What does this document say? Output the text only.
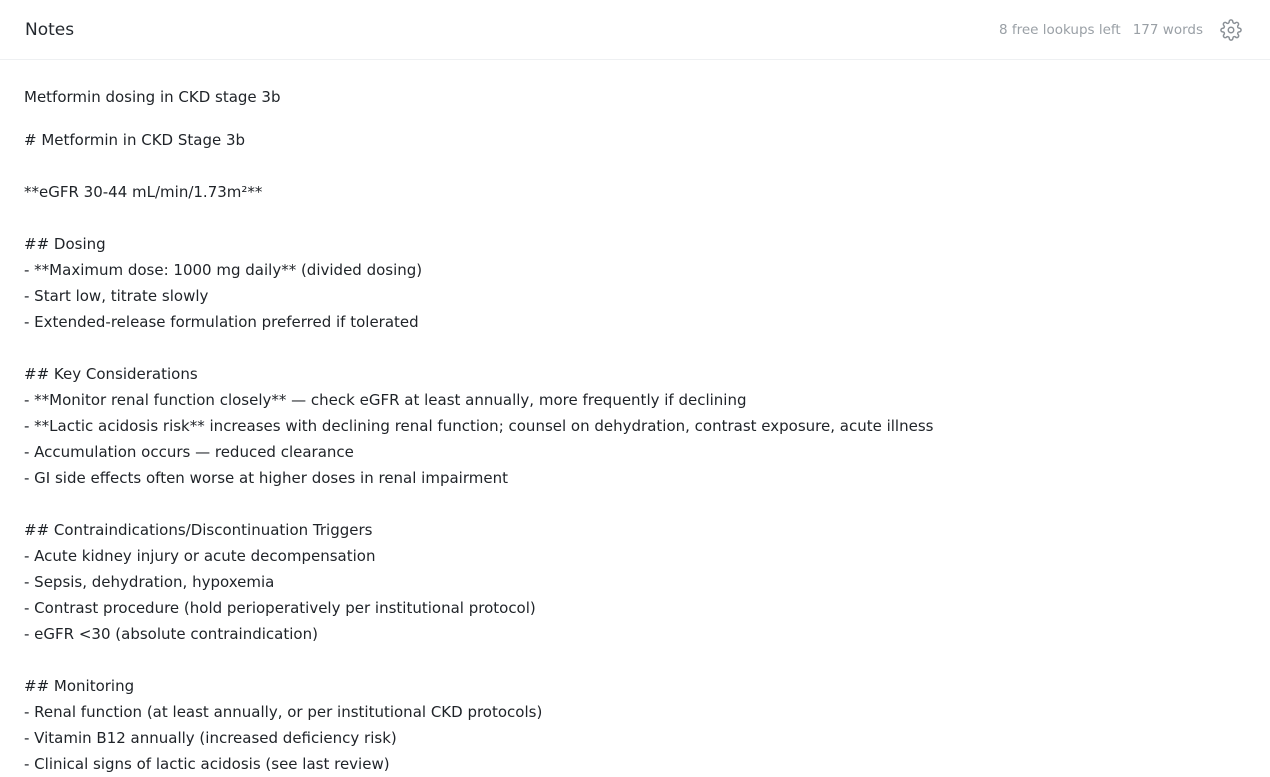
Notes	8 free lookups left 177 words
Metformin dosing in CKD stage 3b
# Metformin in CKD Stage 3b

**eGFR 30-44 mL/min/1.73m²**

## Dosing
- **Maximum dose: 1000 mg daily** (divided dosing)
- Start low, titrate slowly
- Extended-release formulation preferred if tolerated

## Key Considerations
- **Monitor renal function closely** — check eGFR at least annually, more frequently if declining
- **Lactic acidosis risk** increases with declining renal function; counsel on dehydration, contrast exposure, acute illness
- Accumulation occurs — reduced clearance
- GI side effects often worse at higher doses in renal impairment

## Contraindications/Discontinuation Triggers
- Acute kidney injury or acute decompensation
- Sepsis, dehydration, hypoxemia
- Contrast procedure (hold perioperatively per institutional protocol)
- eGFR <30 (absolute contraindication)

## Monitoring
- Renal function (at least annually, or per institutional CKD protocols)
- Vitamin B12 annually (increased deficiency risk)
- Clinical signs of lactic acidosis (see last review)
